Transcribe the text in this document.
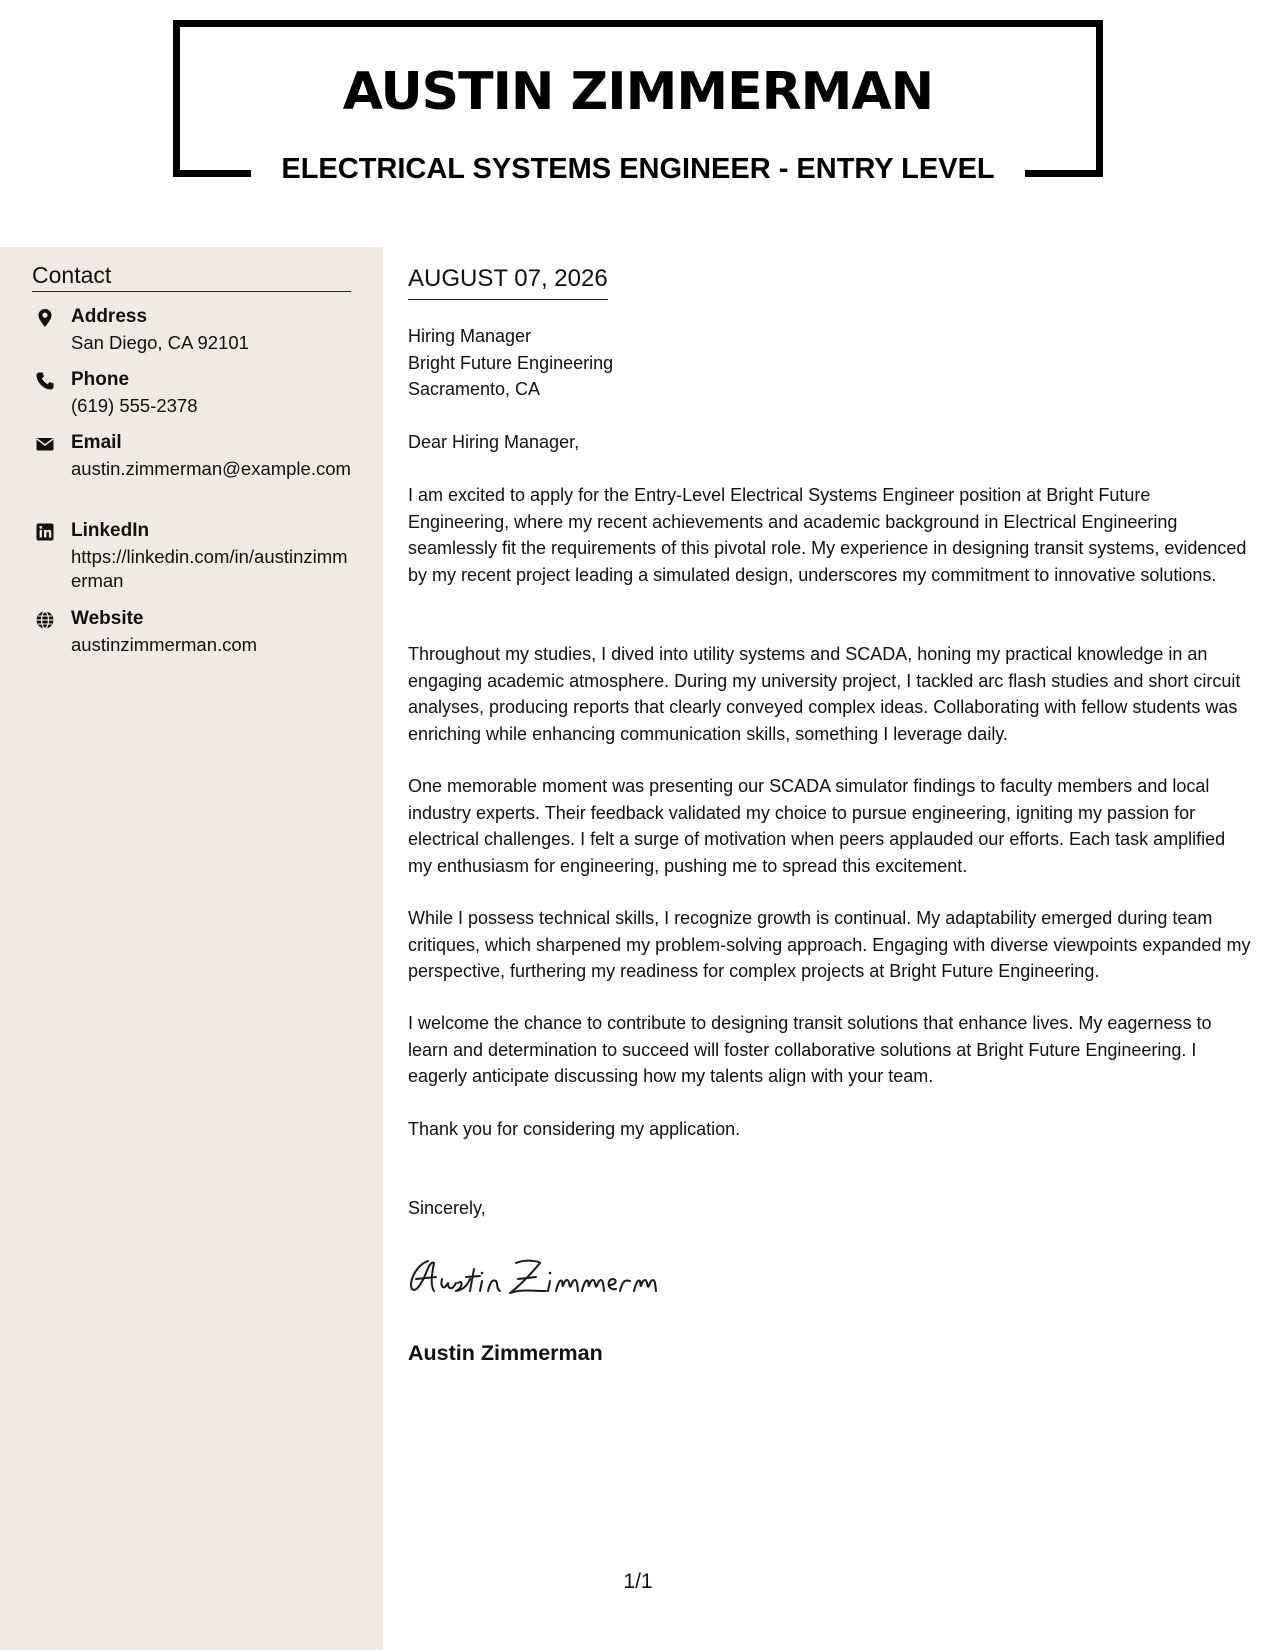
AUSTIN ZIMMERMAN
ELECTRICAL SYSTEMS ENGINEER - ENTRY LEVEL
Contact
Address
San Diego, CA 92101
Phone
(619) 555-2378
Email
austin.zimmerman@example.com
LinkedIn
https://linkedin.com/in/austinzimmerman
Website
austinzimmerman.com
AUGUST 07, 2026
Hiring Manager
Bright Future Engineering
Sacramento, CA
Dear Hiring Manager,
I am excited to apply for the Entry-Level Electrical Systems Engineer position at Bright Future Engineering, where my recent achievements and academic background in Electrical Engineering seamlessly fit the requirements of this pivotal role. My experience in designing transit systems, evidenced by my recent project leading a simulated design, underscores my commitment to innovative solutions.
Throughout my studies, I dived into utility systems and SCADA, honing my practical knowledge in an engaging academic atmosphere. During my university project, I tackled arc flash studies and short circuit analyses, producing reports that clearly conveyed complex ideas. Collaborating with fellow students was enriching while enhancing communication skills, something I leverage daily.
One memorable moment was presenting our SCADA simulator findings to faculty members and local industry experts. Their feedback validated my choice to pursue engineering, igniting my passion for electrical challenges. I felt a surge of motivation when peers applauded our efforts. Each task amplified my enthusiasm for engineering, pushing me to spread this excitement.
While I possess technical skills, I recognize growth is continual. My adaptability emerged during team critiques, which sharpened my problem-solving approach. Engaging with diverse viewpoints expanded my perspective, furthering my readiness for complex projects at Bright Future Engineering.
I welcome the chance to contribute to designing transit solutions that enhance lives. My eagerness to learn and determination to succeed will foster collaborative solutions at Bright Future Engineering. I eagerly anticipate discussing how my talents align with your team.
Thank you for considering my application.
Sincerely,
Austin Zimmerman
1/1
